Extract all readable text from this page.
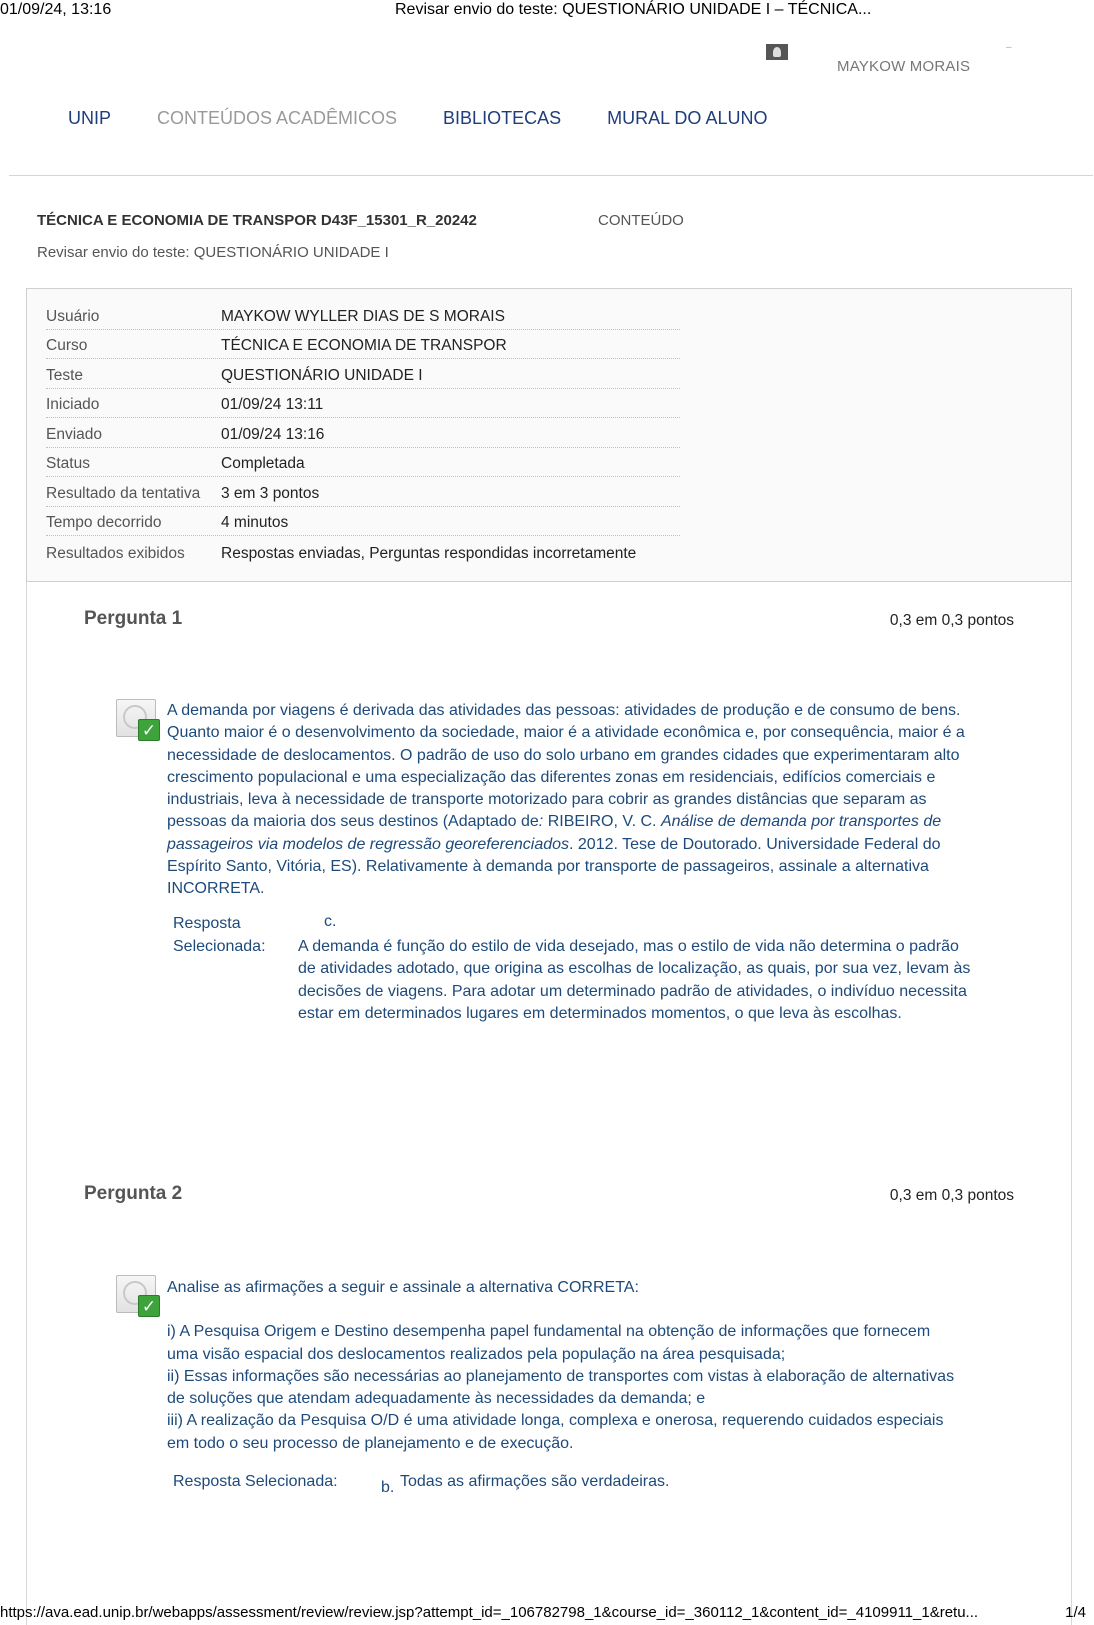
01/09/24, 13:16	Revisar envio do teste: QUESTIONÁRIO UNIDADE I – TÉCNICA...
MAYKOW MORAIS
–
UNIP	CONTEÚDOS ACADÊMICOS	BIBLIOTECAS	MURAL DO ALUNO
TÉCNICA E ECONOMIA DE TRANSPOR D43F_15301_R_20242	CONTEÚDO
Revisar envio do teste: QUESTIONÁRIO UNIDADE I
Usuário	MAYKOW WYLLER DIAS DE S MORAIS
Curso	TÉCNICA E ECONOMIA DE TRANSPOR
Teste	QUESTIONÁRIO UNIDADE I
Iniciado	01/09/24 13:11
Enviado	01/09/24 13:16
Status	Completada
Resultado da tentativa	3 em 3 pontos
Tempo decorrido	4 minutos
Resultados exibidos	Respostas enviadas, Perguntas respondidas incorretamente
Pergunta 1	0,3 em 0,3 pontos
✓
A demanda por viagens é derivada das atividades das pessoas: atividades de produção e de consumo de bens. Quanto maior é o desenvolvimento da sociedade, maior é a atividade econômica e, por consequência, maior é a necessidade de deslocamentos. O padrão de uso do solo urbano em grandes cidades que experimentaram alto crescimento populacional e uma especialização das diferentes zonas em residenciais, edifícios comerciais e industriais, leva à necessidade de transporte motorizado para cobrir as grandes distâncias que separam as pessoas da maioria dos seus destinos (Adaptado de: RIBEIRO, V. C. Análise de demanda por transportes de passageiros via modelos de regressão georeferenciados. 2012. Tese de Doutorado. Universidade Federal do Espírito Santo, Vitória, ES). Relativamente à demanda por transporte de passageiros, assinale a alternativa INCORRETA.
Resposta
Selecionada:
c.
A demanda é função do estilo de vida desejado, mas o estilo de vida não determina o padrão de atividades adotado, que origina as escolhas de localização, as quais, por sua vez, levam às decisões de viagens. Para adotar um determinado padrão de atividades, o indivíduo necessita estar em determinados lugares em determinados momentos, o que leva às escolhas.
Pergunta 2	0,3 em 0,3 pontos
✓
Analise as afirmações a seguir e assinale a alternativa CORRETA:
i) A Pesquisa Origem e Destino desempenha papel fundamental na obtenção de informações que fornecem uma visão espacial dos deslocamentos realizados pela população na área pesquisada;
ii) Essas informações são necessárias ao planejamento de transportes com vistas à elaboração de alternativas de soluções que atendam adequadamente às necessidades da demanda; e
iii) A realização da Pesquisa O/D é uma atividade longa, complexa e onerosa, requerendo cuidados especiais em todo o seu processo de planejamento e de execução.
Resposta Selecionada:	b. Todas as afirmações são verdadeiras.
https://ava.ead.unip.br/webapps/assessment/review/review.jsp?attempt_id=_106782798_1&course_id=_360112_1&content_id=_4109911_1&retu...	1/4
